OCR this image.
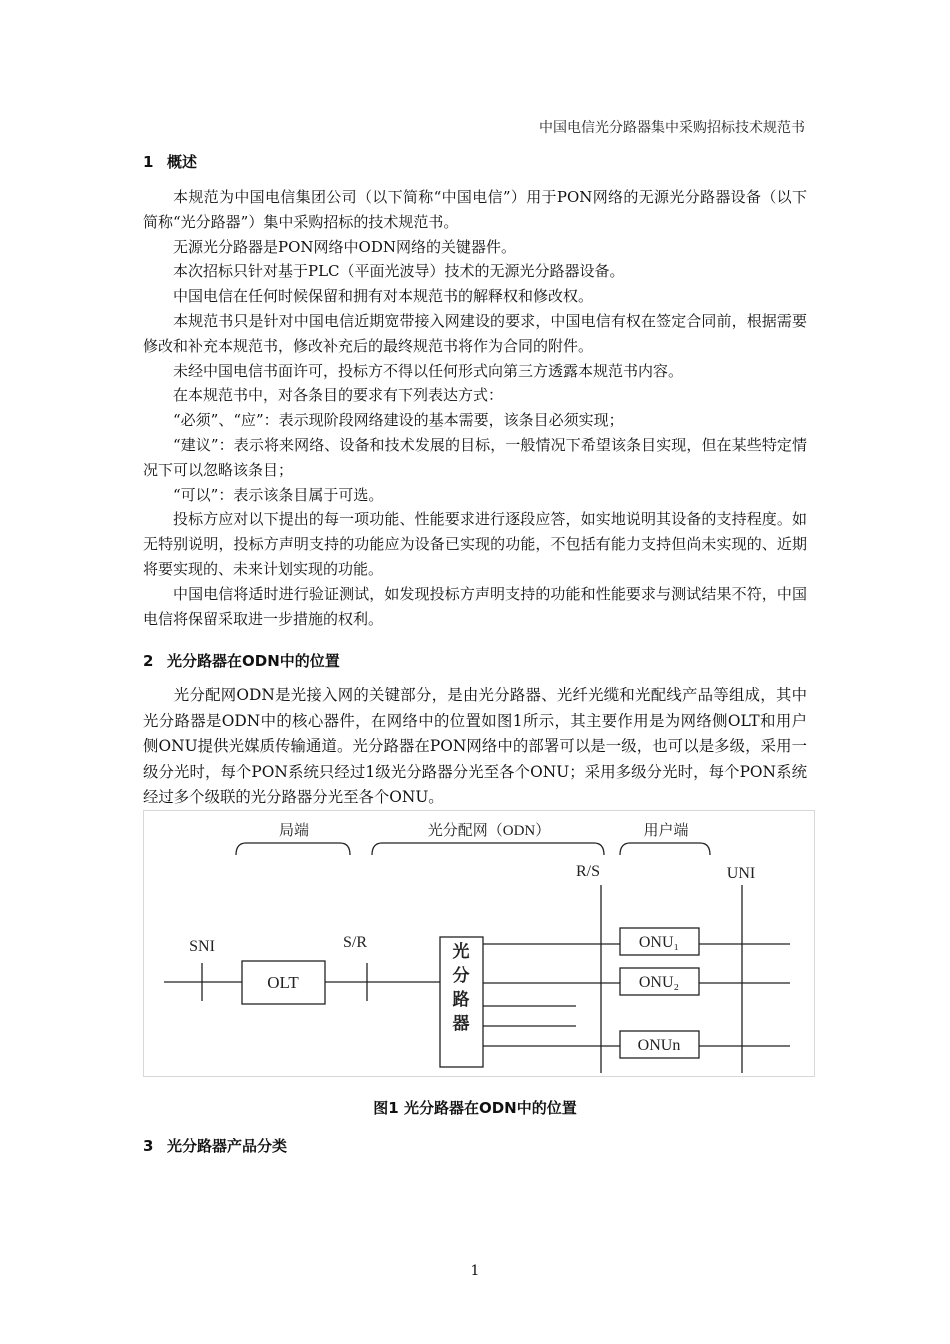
中国电信光分路器集中采购招标技术规范书
1 概述

本规范为中国电信集团公司（以下简称“中国电信”）用于PON网络的无源光分路器设备（以下简称“光分路器”）集中采购招标的技术规范书。

无源光分路器是PON网络中ODN网络的关键器件。

本次招标只针对基于PLC（平面光波导）技术的无源光分路器设备。

中国电信在任何时候保留和拥有对本规范书的解释权和修改权。

本规范书只是针对中国电信近期宽带接入网建设的要求，中国电信有权在签定合同前，根据需要修改和补充本规范书，修改补充后的最终规范书将作为合同的附件。

未经中国电信书面许可，投标方不得以任何形式向第三方透露本规范书内容。

在本规范书中，对各条目的要求有下列表达方式：

“必须”、“应”：表示现阶段网络建设的基本需要，该条目必须实现；

“建议”：表示将来网络、设备和技术发展的目标，一般情况下希望该条目实现，但在某些特定情况下可以忽略该条目；

“可以”：表示该条目属于可选。

投标方应对以下提出的每一项功能、性能要求进行逐段应答，如实地说明其设备的支持程度。如无特别说明，投标方声明支持的功能应为设备已实现的功能，不包括有能力支持但尚未实现的、近期将要实现的、未来计划实现的功能。

中国电信将适时进行验证测试，如发现投标方声明支持的功能和性能要求与测试结果不符，中国电信将保留采取进一步措施的权利。

2 光分路器在ODN中的位置

光分配网ODN是光接入网的关键部分，是由光分路器、光纤光缆和光配线产品等组成，其中光分路器是ODN中的核心器件，在网络中的位置如图1所示，其主要作用是为网络侧OLT和用户侧ONU提供光媒质传输通道。光分路器在PON网络中的部署可以是一级，也可以是多级，采用一级分光时，每个PON系统只经过1级光分路器分光至各个ONU；采用多级分光时，每个PON系统经过多个级联的光分路器分光至各个ONU。

局端	光分配网（ODN）	用户端
R/S	UNI
SNI	S/R
OLT
ONU₁
ONU₂
ONUn
光分路器
图1 光分路器在ODN中的位置
3 光分路器产品分类
1
